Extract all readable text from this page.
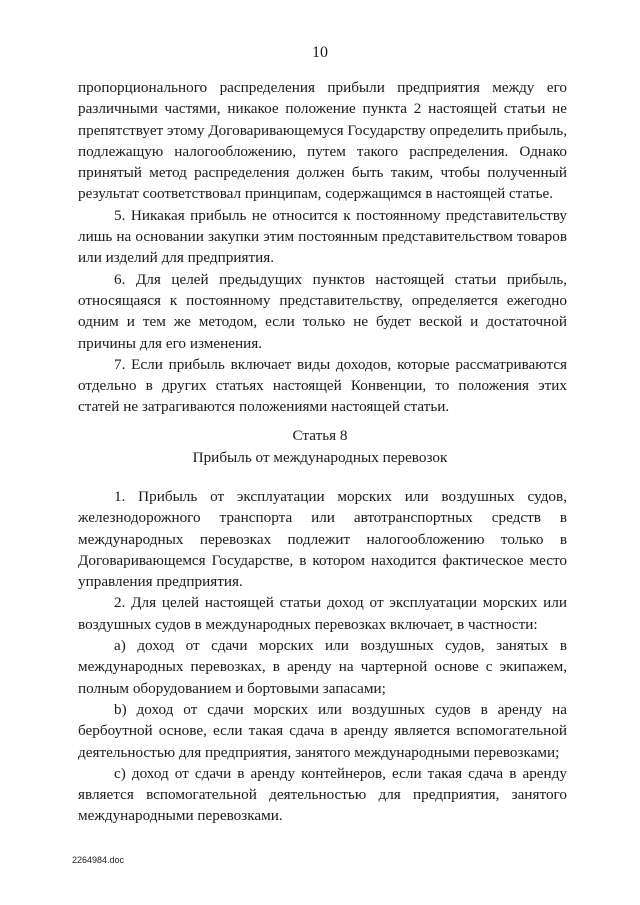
10

пропорционального распределения прибыли предприятия между его различными частями, никакое положение пункта 2 настоящей статьи не препятствует этому Договаривающемуся Государству определить прибыль, подлежащую налогообложению, путем такого распределения. Однако принятый метод распределения должен быть таким, чтобы полученный результат соответствовал принципам, содержащимся в настоящей статье.

5. Никакая прибыль не относится к постоянному представительству лишь на основании закупки этим постоянным представительством товаров или изделий для предприятия.

6. Для целей предыдущих пунктов настоящей статьи прибыль, относящаяся к постоянному представительству, определяется ежегодно одним и тем же методом, если только не будет веской и достаточной причины для его изменения.

7. Если прибыль включает виды доходов, которые рассматриваются отдельно в других статьях настоящей Конвенции, то положения этих статей не затрагиваются положениями настоящей статьи.

Статья 8
Прибыль от международных перевозок

1. Прибыль от эксплуатации морских или воздушных судов, железнодорожного транспорта или автотранспортных средств в международных перевозках подлежит налогообложению только в Договаривающемся Государстве, в котором находится фактическое место управления предприятия.

2. Для целей настоящей статьи доход от эксплуатации морских или воздушных судов в международных перевозках включает, в частности:

a) доход от сдачи морских или воздушных судов, занятых в международных перевозках, в аренду на чартерной основе с экипажем, полным оборудованием и бортовыми запасами;

b) доход от сдачи морских или воздушных судов в аренду на бербоутной основе, если такая сдача в аренду является вспомогательной деятельностью для предприятия, занятого международными перевозками;

c) доход от сдачи в аренду контейнеров, если такая сдача в аренду является вспомогательной деятельностью для предприятия, занятого международными перевозками.

2264984.doc
